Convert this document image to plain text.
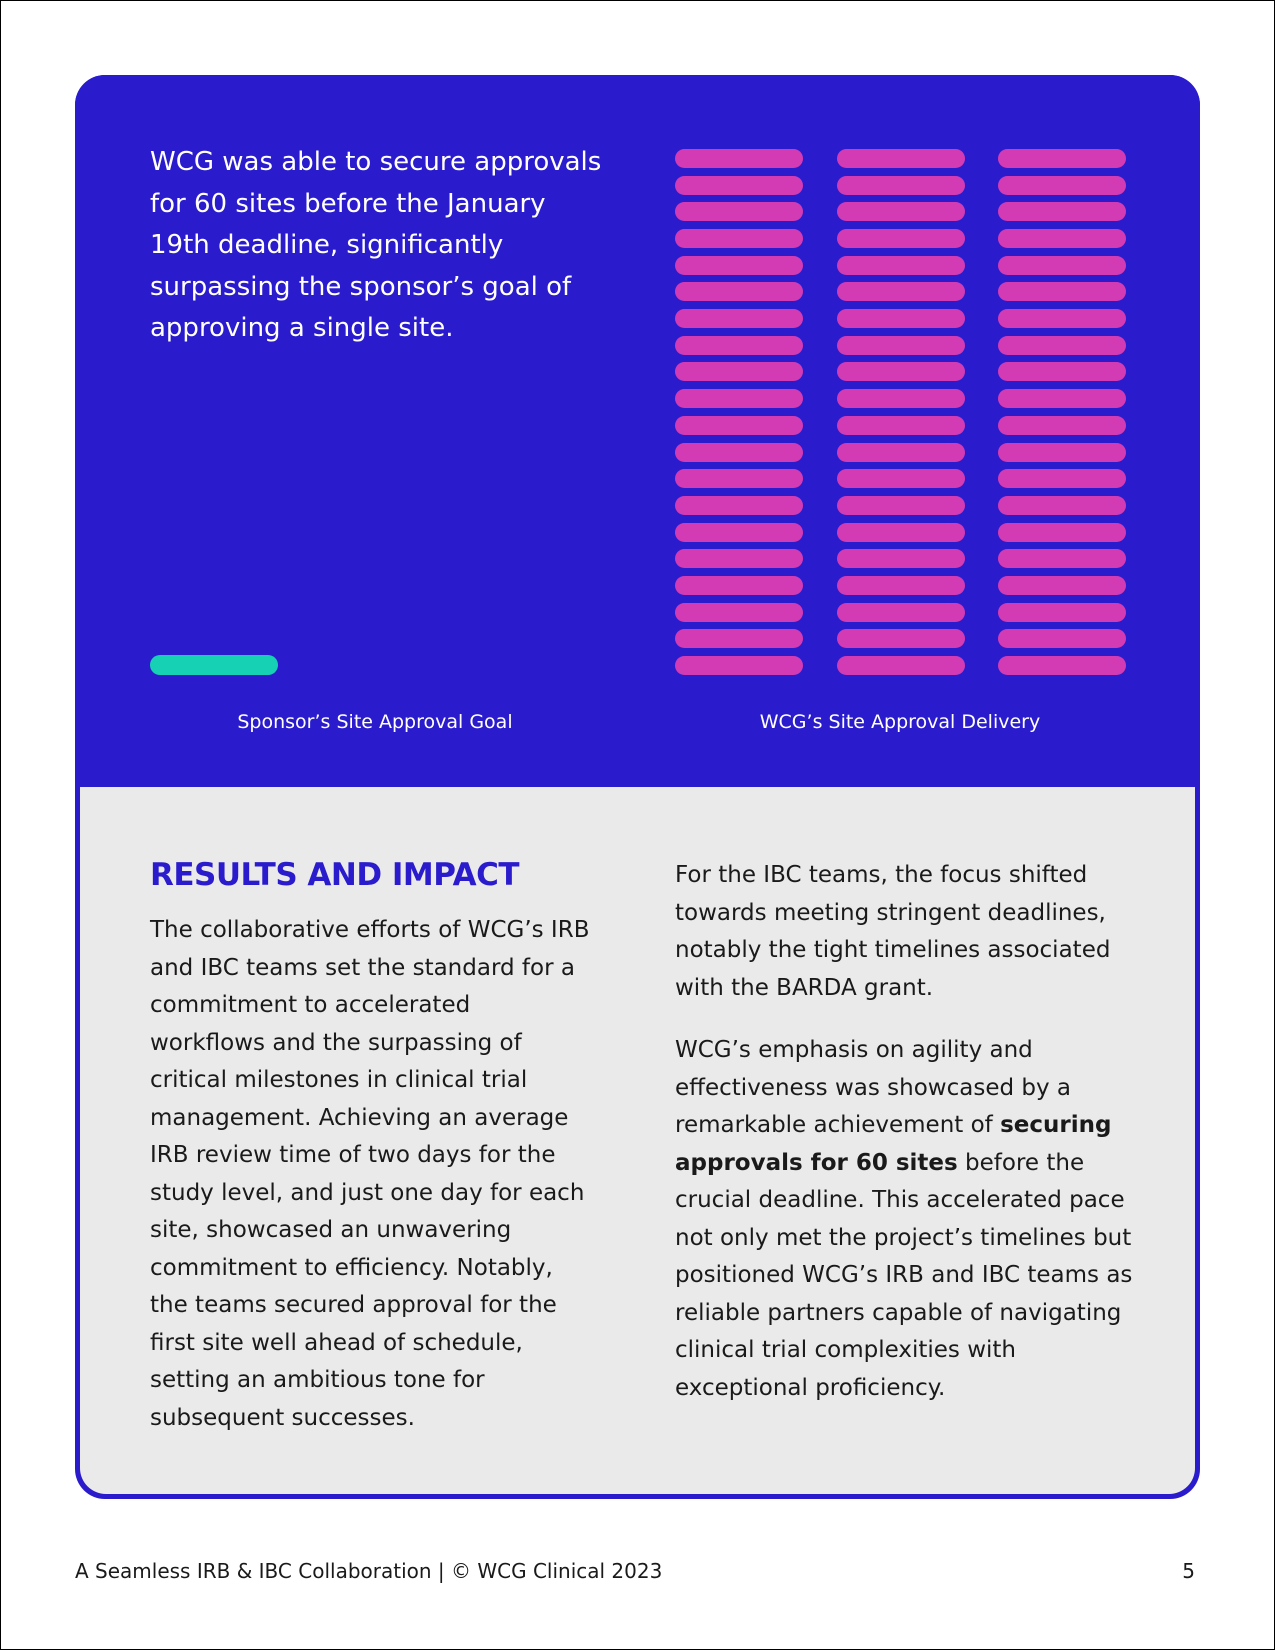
WCG was able to secure approvals for 60 sites before the January 19th deadline, significantly surpassing the sponsor’s goal of approving a single site.
Sponsor’s Site Approval Goal	WCG’s Site Approval Delivery
RESULTS AND IMPACT

The collaborative efforts of WCG’s IRB and IBC teams set the standard for a commitment to accelerated workflows and the surpassing of critical milestones in clinical trial management. Achieving an average IRB review time of two days for the study level, and just one day for each site, showcased an unwavering commitment to efficiency. Notably, the teams secured approval for the first site well ahead of schedule, setting an ambitious tone for subsequent successes.

For the IBC teams, the focus shifted towards meeting stringent deadlines, notably the tight timelines associated with the BARDA grant.

WCG’s emphasis on agility and effectiveness was showcased by a remarkable achievement of securing approvals for 60 sites before the crucial deadline. This accelerated pace not only met the project’s timelines but positioned WCG’s IRB and IBC teams as reliable partners capable of navigating clinical trial complexities with exceptional proficiency.

A Seamless IRB & IBC Collaboration | © WCG Clinical 2023	5
